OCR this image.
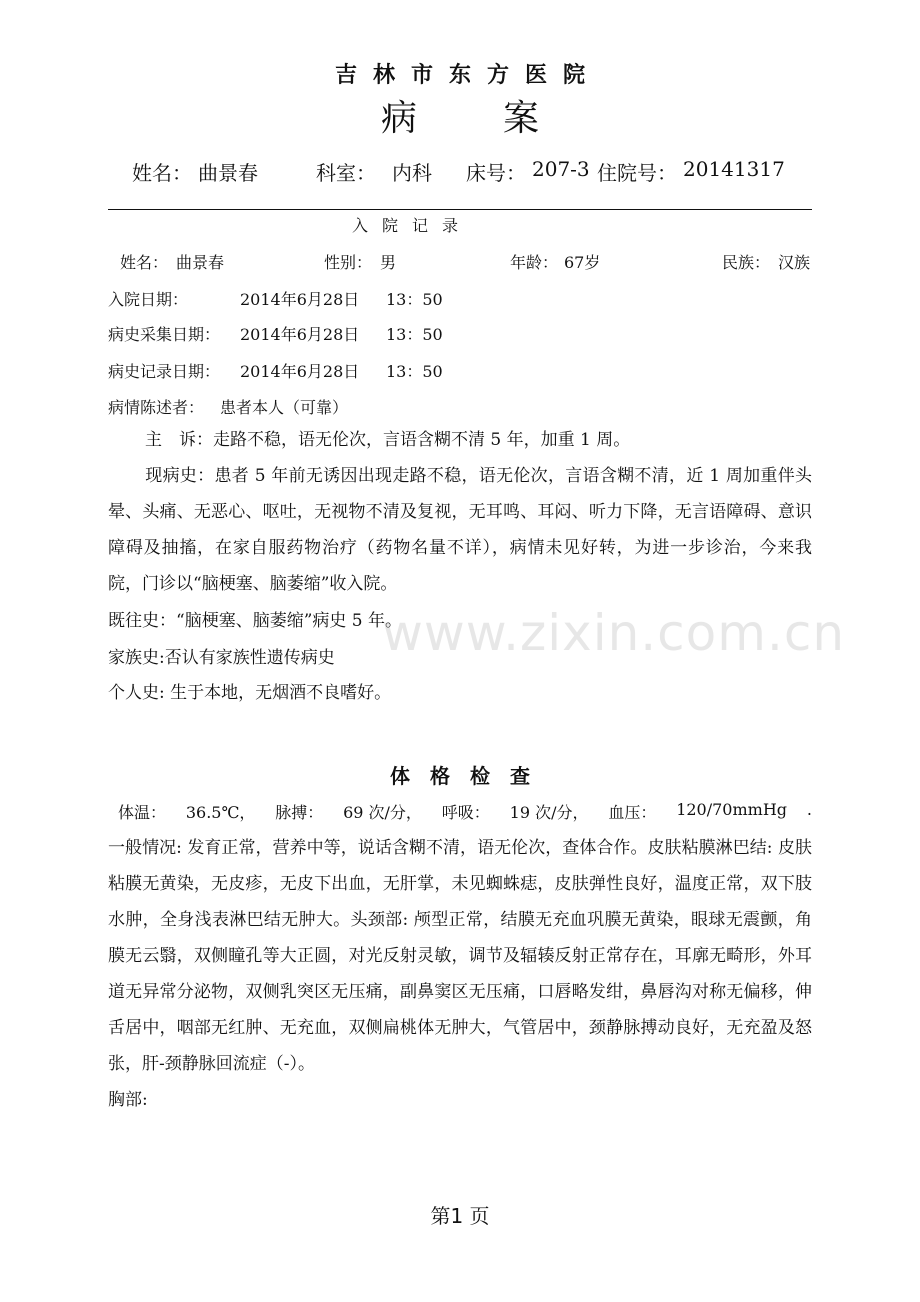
吉林市东方医院
病案
姓名： 曲景春	科室： 内科 床号： 207-3 住院号： 20141317
入院记录
姓名： 曲景春	性别： 男	年龄： 67岁	民族： 汉族
入院日期：	2014年6月28日 13：50
病史采集日期： 2014年6月28日 13：50
病史记录日期： 2014年6月28日 13：50
病情陈述者： 患者本人（可靠）
主　诉：走路不稳，语无伦次，言语含糊不清 5 年，加重 1 周。
现病史：患者 5 年前无诱因出现走路不稳，语无伦次，言语含糊不清，近 1 周加重伴头晕、头痛、无恶心、呕吐，无视物不清及复视，无耳鸣、耳闷、听力下降，无言语障碍、意识障碍及抽搐，在家自服药物治疗（药物名量不详），病情未见好转，为进一步诊治，今来我院，门诊以“脑梗塞、脑萎缩”收入院。
既往史：“脑梗塞、脑萎缩”病史 5 年。
家族史:否认有家族性遗传病史
个人史: 生于本地，无烟酒不良嗜好。
体格检查
体温： 36.5℃， 脉搏： 69 次/分， 呼吸： 19 次/分， 血压： 120/70mmHg .
一般情况: 发育正常，营养中等，说话含糊不清，语无伦次，查体合作。皮肤粘膜淋巴结: 皮肤粘膜无黄染，无皮疹，无皮下出血，无肝掌，未见蜘蛛痣，皮肤弹性良好，温度正常，双下肢水肿，全身浅表淋巴结无肿大。头颈部: 颅型正常，结膜无充血巩膜无黄染，眼球无震颤，角膜无云翳，双侧瞳孔等大正圆，对光反射灵敏，调节及辐辏反射正常存在，耳廓无畸形，外耳道无异常分泌物，双侧乳突区无压痛，副鼻窦区无压痛，口唇略发绀，鼻唇沟对称无偏移，伸舌居中，咽部无红肿、无充血，双侧扁桃体无肿大，气管居中，颈静脉搏动良好，无充盈及怒张，肝-颈静脉回流症（-）。
胸部:
www.zixin.com.cn
第1 页
